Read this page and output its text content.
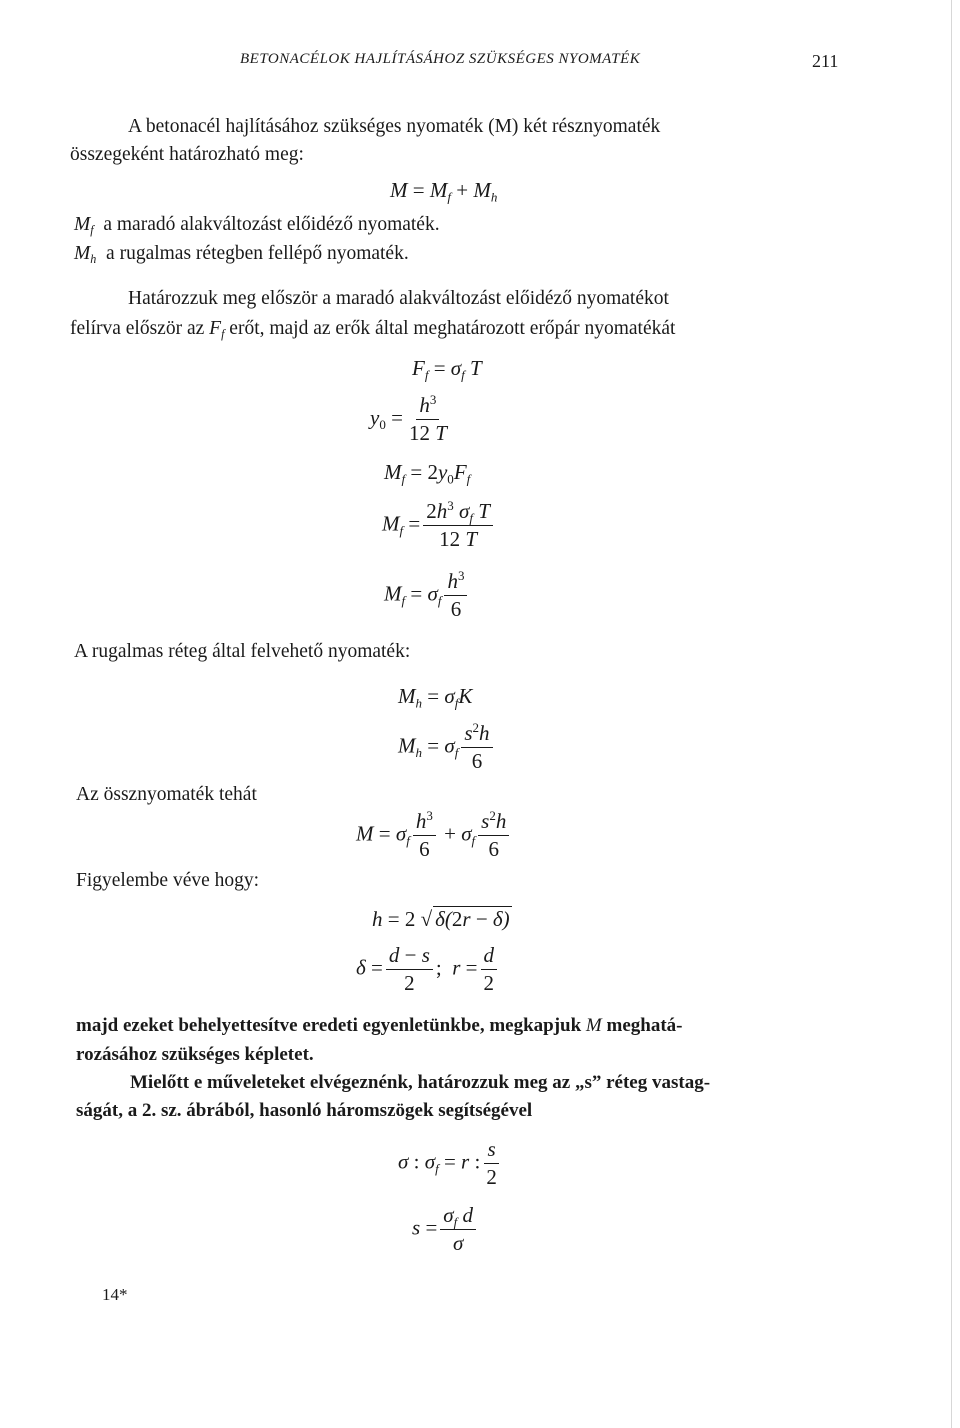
BETONACÉLOK HAJLÍTÁSÁHOZ SZÜKSÉGES NYOMATÉK	211
A betonacél hajlításához szükséges nyomaték (M) két résznyomaték
összegeként határozható meg:
$M = M_f + M_h$
$M_f$ a maradó alakváltozást előidéző nyomaték.
$M_h$ a rugalmas rétegben fellépő nyomaték.
Határozzuk meg először a maradó alakváltozást előidéző nyomatékot
felírva először az $F_f$ erőt, majd az erők által meghatározott erőpár nyomatékát
$F_f = \sigma_f$ T
$y_0 = \frac{h^3}{12 T}$
$M_f = 2y_0F_f$
$M_f = \frac{2h^3 \sigma_f T}{12 T}$
$M_f = \sigma_f \frac{h^3}{6}$
A rugalmas réteg által felvehető nyomaték:
$M_h = \sigma_fK$
$M_h = \sigma_f \frac{s^2h}{6}$
Az össznyomaték tehát
$M = \sigma_f \frac{h^3}{6} + \sigma_f \frac{s^2h}{6}$
Figyelembe véve hogy:
h = 2 √ δ(2r − δ)
$\delta = \frac{d - s}{2}$ ;  $r = \frac{d}{2}$
majd ezeket behelyettesítve eredeti egyenletünkbe, megkapjuk M meghatá-
rozásához szükséges képletet.
Mielőtt e műveleteket elvégeznénk, határozzuk meg az „s” réteg vastag-
ságát, a 2. sz. ábrából, hasonló háromszögek segítségével
σ : $\sigma_f = r$ : $\frac{s}{2}$
$s = \frac{\sigma_f d}{\sigma}$
14*
